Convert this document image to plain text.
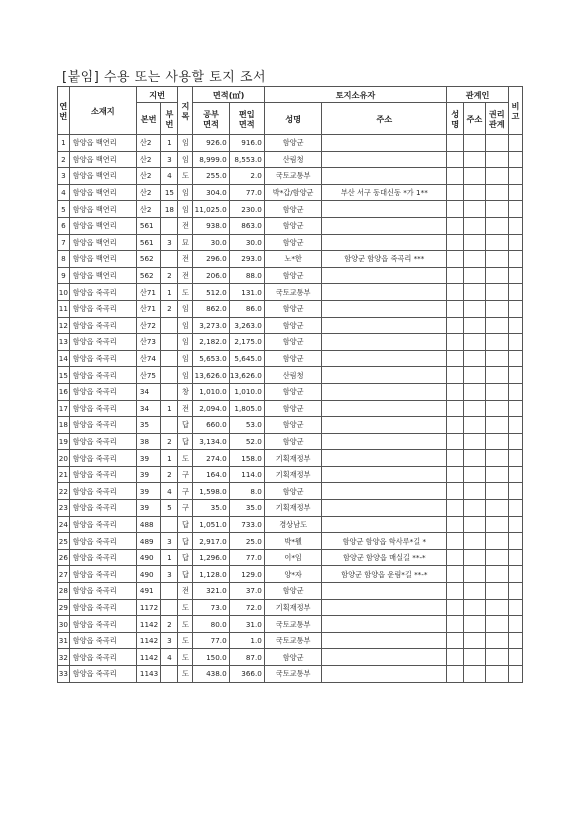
[붙임] 수용 또는 사용할 토지 조서
연번	소재지	지번		지목	면적(㎡)		토지소유자		관계인			비고
		본번	부번		공부면적	편입면적	성명	주소	성명	주소	권리관계	

1	함양읍 백연리	산2	1	임	926.0	916.0	함양군					
2	함양읍 백연리	산2	3	임	8,999.0	8,553.0	산림청					
3	함양읍 백연리	산2	4	도	255.0	2.0	국토교통부					
4	함양읍 백연리	산2	15	임	304.0	77.0	박*갑/함양군	부산 서구 동대신동 *가 1**				
5	함양읍 백연리	산2	18	임	11,025.0	230.0	함양군					
6	함양읍 백연리	561		전	938.0	863.0	함양군					
7	함양읍 백연리	561	3	묘	30.0	30.0	함양군					
8	함양읍 백연리	562		전	296.0	293.0	노*한	함양군 함양읍 죽곡리 ***				
9	함양읍 백연리	562	2	전	206.0	88.0	함양군					
10	함양읍 죽곡리	산71	1	도	512.0	131.0	국토교통부					
11	함양읍 죽곡리	산71	2	임	862.0	86.0	함양군					
12	함양읍 죽곡리	산72		임	3,273.0	3,263.0	함양군					
13	함양읍 죽곡리	산73		임	2,182.0	2,175.0	함양군					
14	함양읍 죽곡리	산74		임	5,653.0	5,645.0	함양군					
15	함양읍 죽곡리	산75		임	13,626.0	13,626.0	산림청					
16	함양읍 죽곡리	34		창	1,010.0	1,010.0	함양군					
17	함양읍 죽곡리	34	1	전	2,094.0	1,805.0	함양군					
18	함양읍 죽곡리	35		답	660.0	53.0	함양군					
19	함양읍 죽곡리	38	2	답	3,134.0	52.0	함양군					
20	함양읍 죽곡리	39	1	도	274.0	158.0	기획재정부					
21	함양읍 죽곡리	39	2	구	164.0	114.0	기획재정부					
22	함양읍 죽곡리	39	4	구	1,598.0	8.0	함양군					
23	함양읍 죽곡리	39	5	구	35.0	35.0	기획재정부					
24	함양읍 죽곡리	488		답	1,051.0	733.0	경상남도					
25	함양읍 죽곡리	489	3	답	2,917.0	25.0	박*웰	함양군 함양읍 학사루*길 *				
26	함양읍 죽곡리	490	1	답	1,296.0	77.0	이*임	함양군 함양읍 매실길 **-*				
27	함양읍 죽곡리	490	3	답	1,128.0	129.0	양*자	함양군 함양읍 운림*길 **-*				
28	함양읍 죽곡리	491		전	321.0	37.0	함양군					
29	함양읍 죽곡리	1172		도	73.0	72.0	기획재정부					
30	함양읍 죽곡리	1142	2	도	80.0	31.0	국토교통부					
31	함양읍 죽곡리	1142	3	도	77.0	1.0	국토교통부					
32	함양읍 죽곡리	1142	4	도	150.0	87.0	함양군					
33	함양읍 죽곡리	1143		도	438.0	366.0	국토교통부					
